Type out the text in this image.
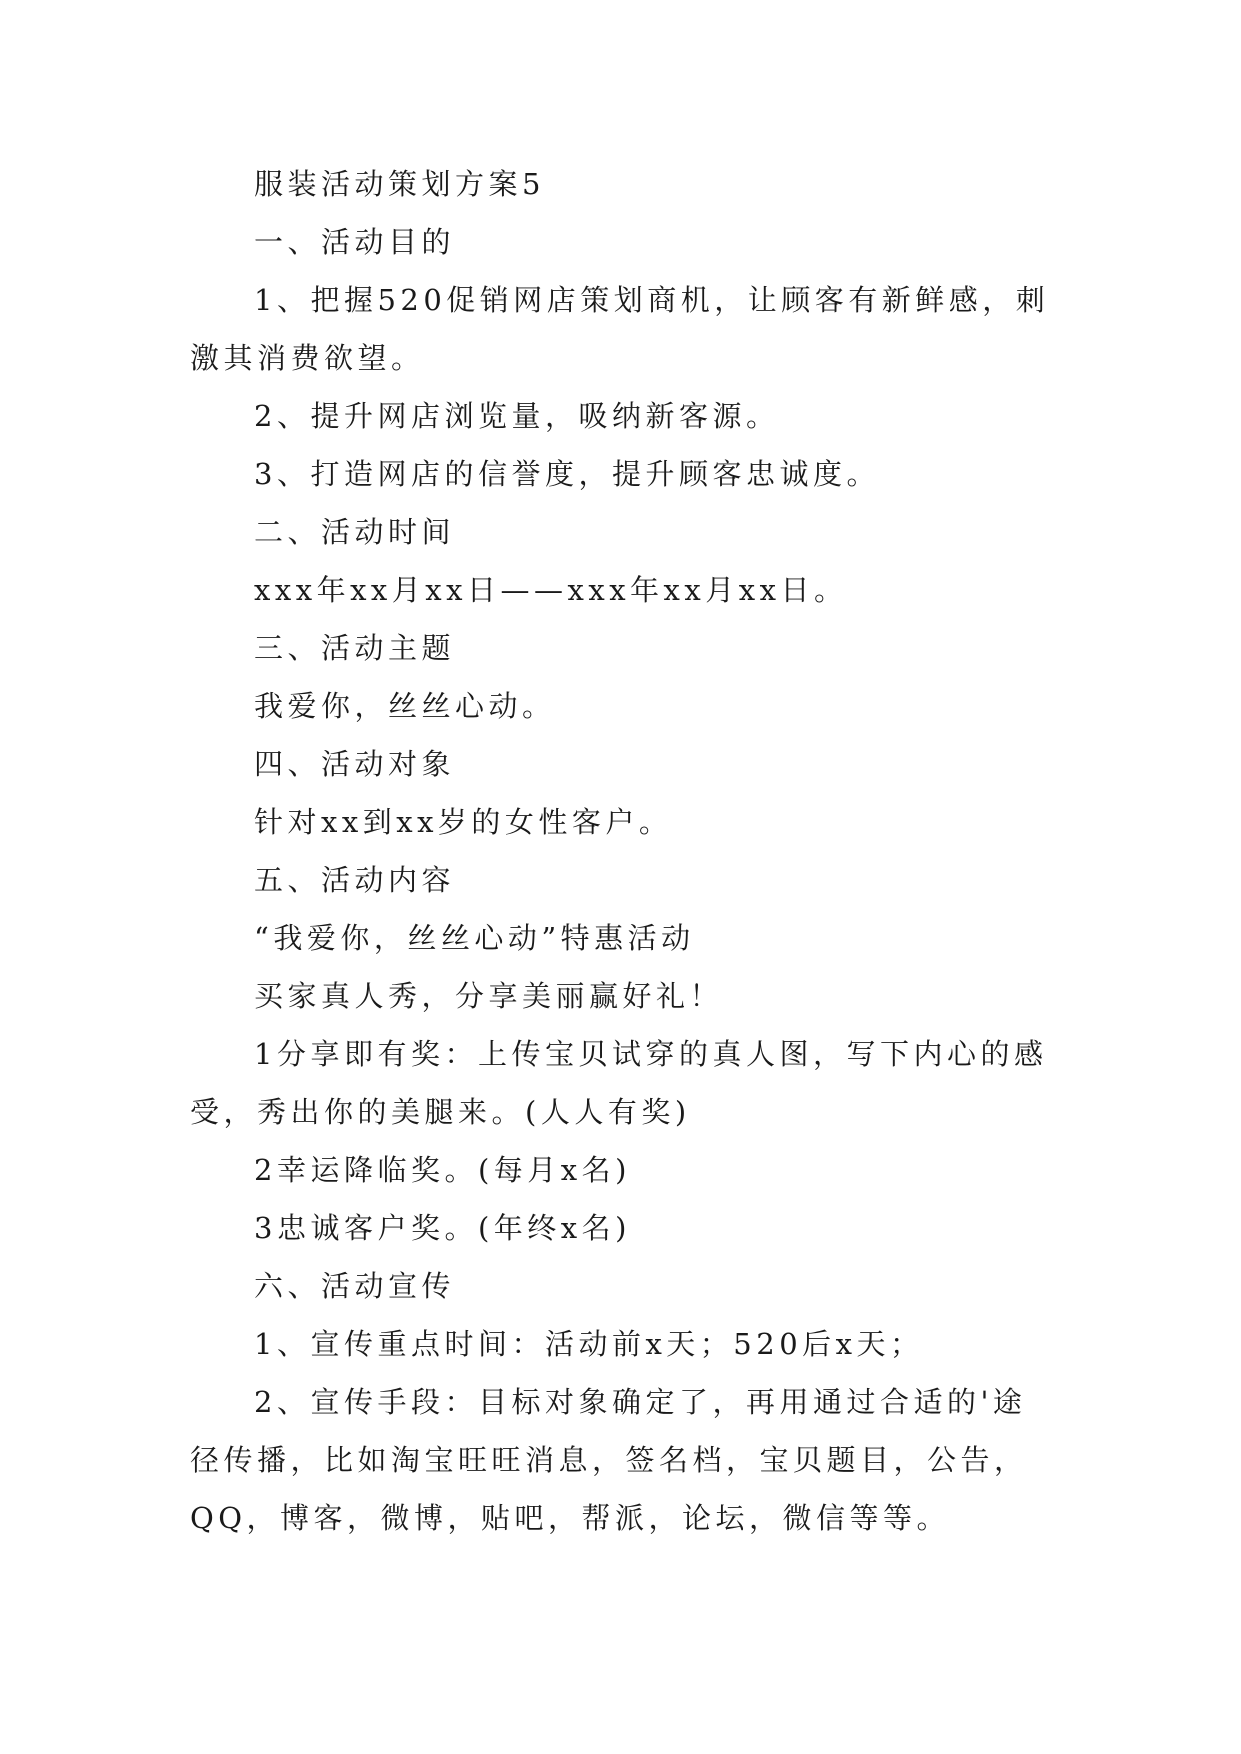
服装活动策划方案5

一、活动目的

1、把握520促销网店策划商机，让顾客有新鲜感，刺激其消费欲望。

2、提升网店浏览量，吸纳新客源。

3、打造网店的信誉度，提升顾客忠诚度。

二、活动时间

xxx年xx月xx日——xxx年xx月xx日。

三、活动主题

我爱你，丝丝心动。

四、活动对象

针对xx到xx岁的女性客户。

五、活动内容

“我爱你，丝丝心动”特惠活动

买家真人秀，分享美丽赢好礼！

1分享即有奖：上传宝贝试穿的真人图，写下内心的感受，秀出你的美腿来。(人人有奖)

2幸运降临奖。(每月x名)

3忠诚客户奖。(年终x名)

六、活动宣传

1、宣传重点时间：活动前x天；520后x天；

2、宣传手段：目标对象确定了，再用通过合适的'途径传播，比如淘宝旺旺消息，签名档，宝贝题目，公告，QQ，博客，微博，贴吧，帮派，论坛，微信等等。
